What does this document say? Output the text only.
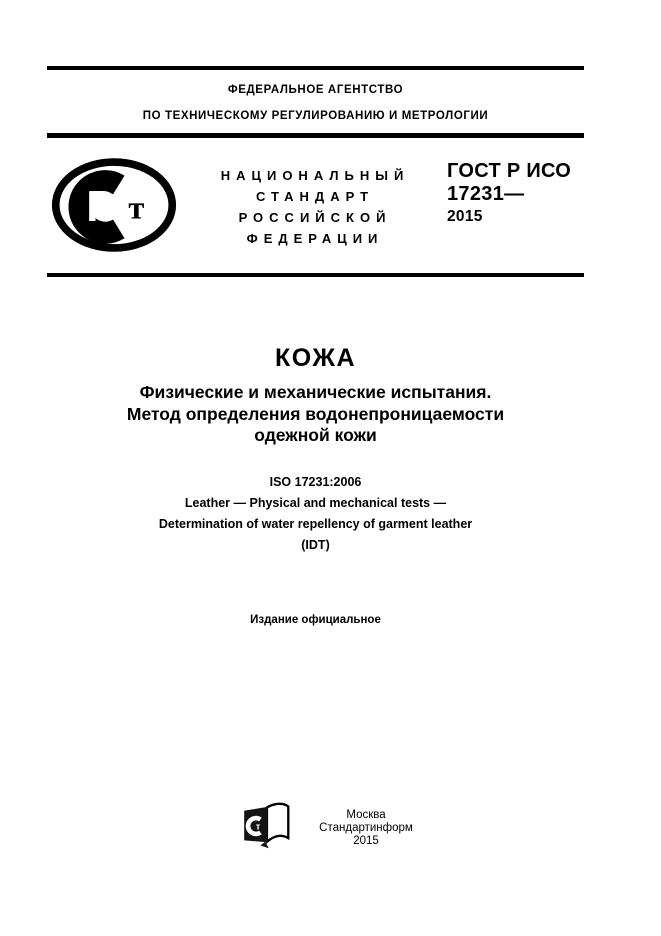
ФЕДЕРАЛЬНОЕ АГЕНТСТВО
ПО ТЕХНИЧЕСКОМУ РЕГУЛИРОВАНИЮ И МЕТРОЛОГИИ
Р т
НАЦИОНАЛЬНЫЙ
СТАНДАРТ
РОССИЙСКОЙ
ФЕДЕРАЦИИ
ГОСТ Р ИСО
17231—
2015
КОЖА
Физические и механические испытания.
Метод определения водонепроницаемости
одежной кожи
ISO 17231:2006
Leather — Physical and mechanical tests —
Determination of water repellency of garment leather
(IDT)
Издание официальное
т
Москва
Стандартинформ
2015
